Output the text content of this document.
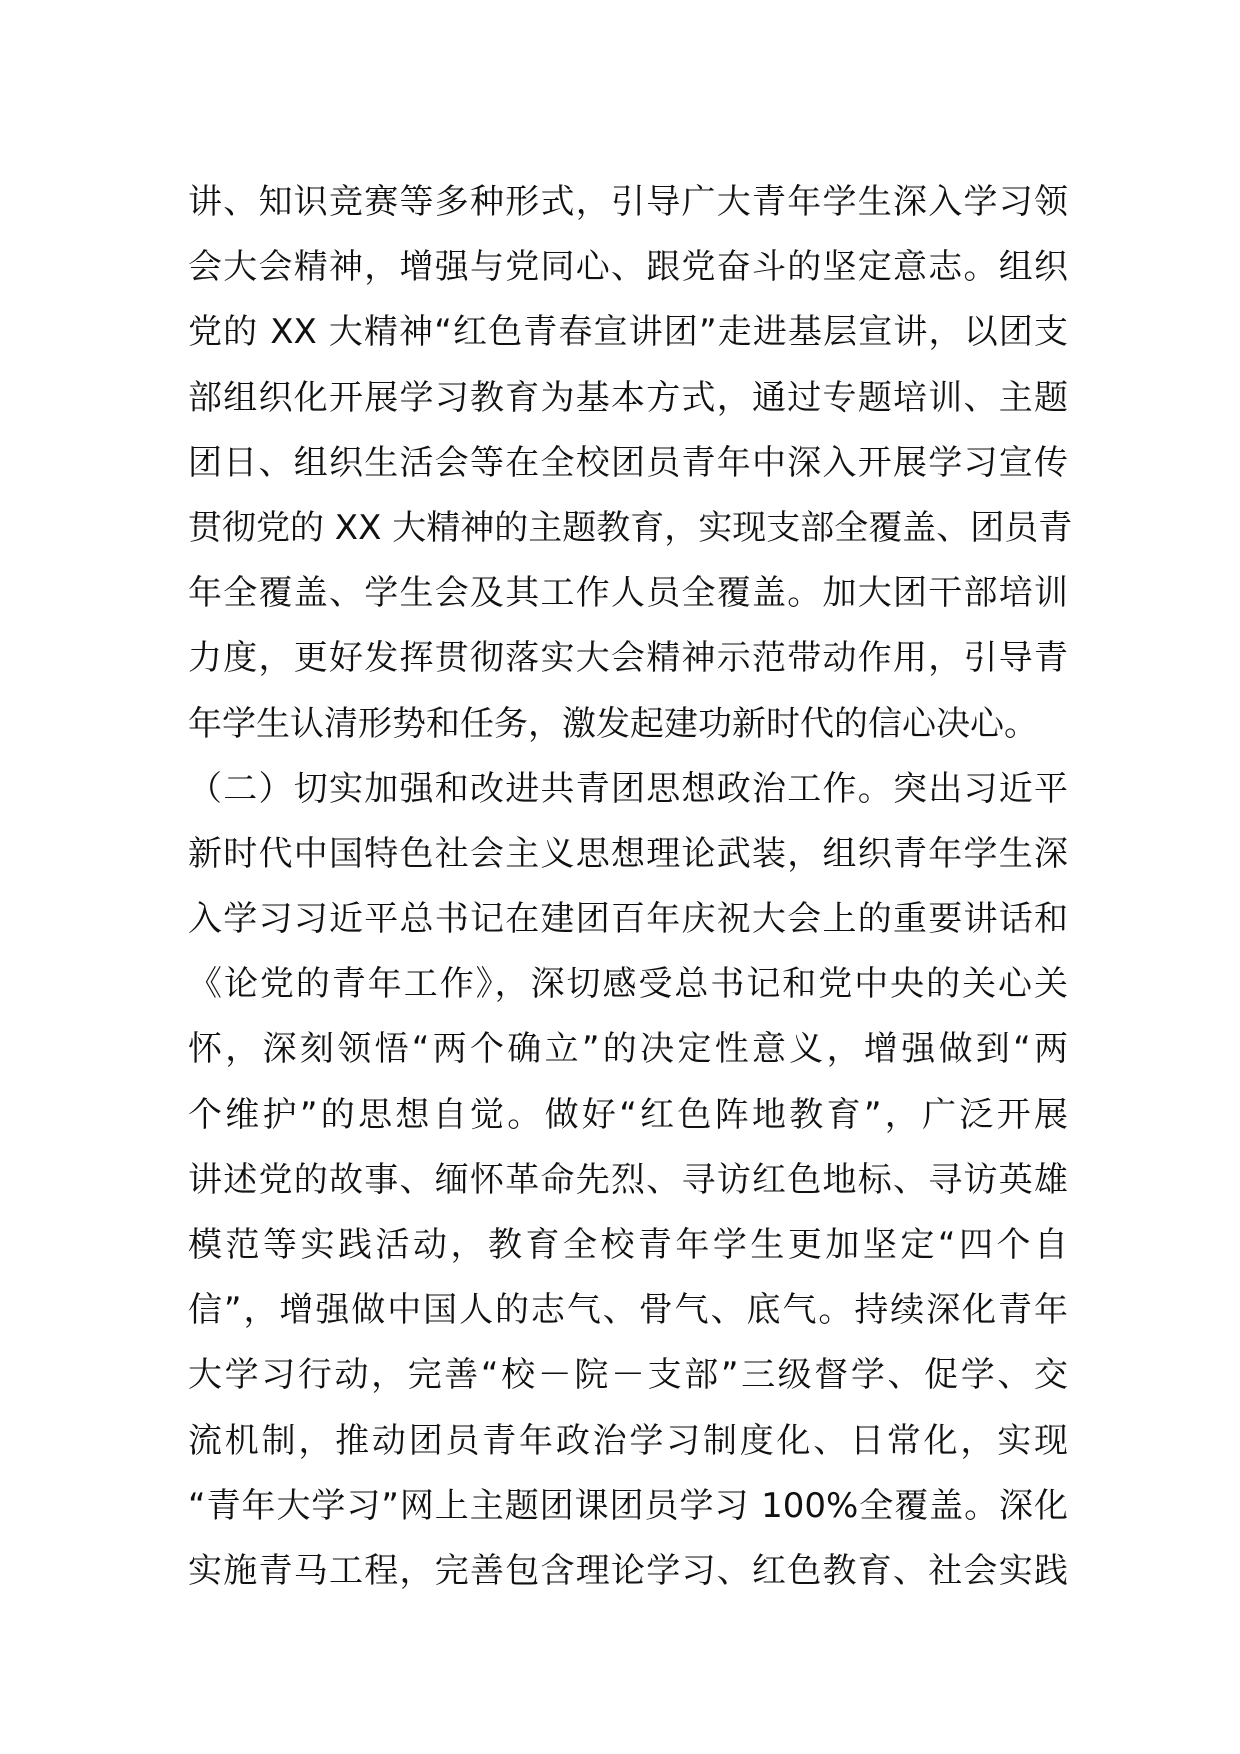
讲、知识竞赛等多种形式，引导广大青年学生深入学习领
会大会精神，增强与党同心、跟党奋斗的坚定意志。组织
党的 XX 大精神“红色青春宣讲团”走进基层宣讲，以团支
部组织化开展学习教育为基本方式，通过专题培训、主题
团日、组织生活会等在全校团员青年中深入开展学习宣传
贯彻党的 XX 大精神的主题教育，实现支部全覆盖、团员青
年全覆盖、学生会及其工作人员全覆盖。加大团干部培训
力度，更好发挥贯彻落实大会精神示范带动作用，引导青
年学生认清形势和任务，激发起建功新时代的信心决心。
（二）切实加强和改进共青团思想政治工作。突出习近平
新时代中国特色社会主义思想理论武装，组织青年学生深
入学习习近平总书记在建团百年庆祝大会上的重要讲话和
《论党的青年工作》，深切感受总书记和党中央的关心关
怀，深刻领悟“两个确立”的决定性意义，增强做到“两
个维护”的思想自觉。做好“红色阵地教育”，广泛开展
讲述党的故事、缅怀革命先烈、寻访红色地标、寻访英雄
模范等实践活动，教育全校青年学生更加坚定“四个自
信”，增强做中国人的志气、骨气、底气。持续深化青年
大学习行动，完善“校－院－支部”三级督学、促学、交
流机制，推动团员青年政治学习制度化、日常化，实现
“青年大学习”网上主题团课团员学习 100%全覆盖。深化
实施青马工程，完善包含理论学习、红色教育、社会实践
